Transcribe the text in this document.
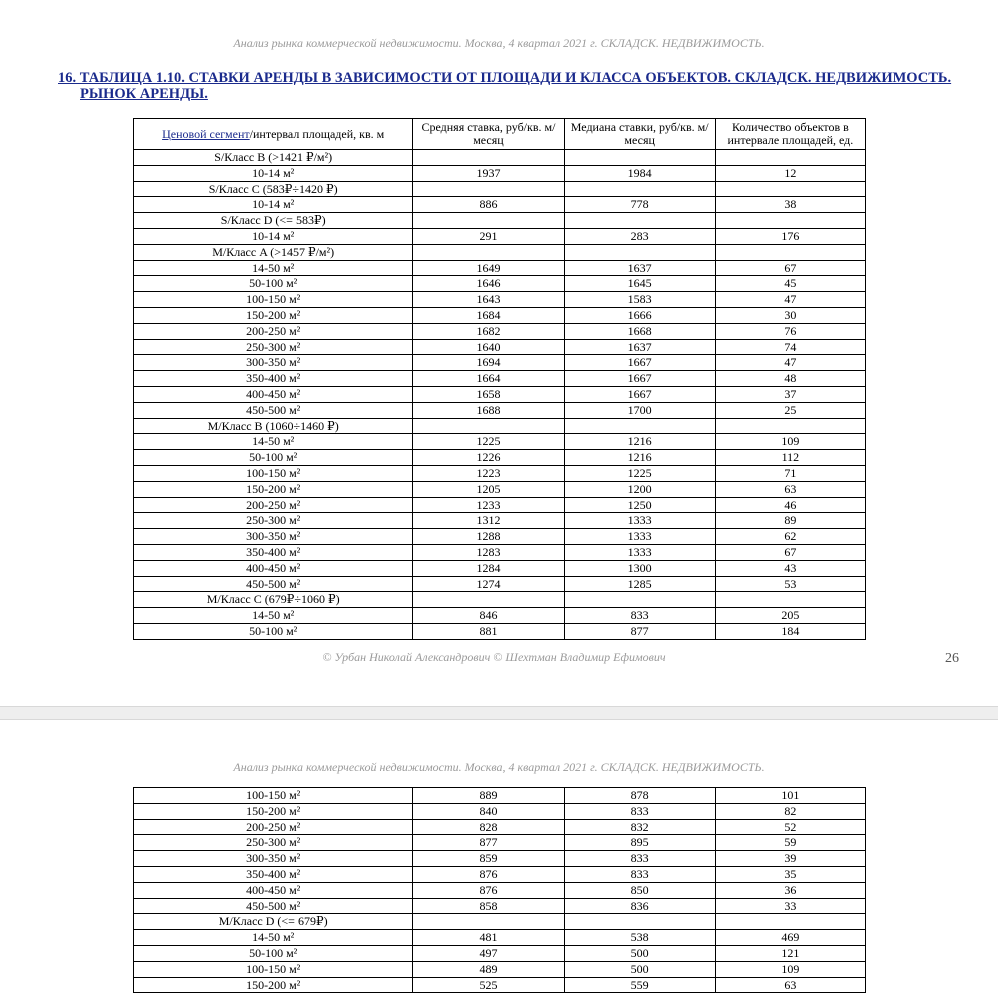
Анализ рынка коммерческой недвижимости. Москва, 4 квартал 2021 г. СКЛАДСК. НЕДВИЖИМОСТЬ.
16. ТАБЛИЦА 1.10. СТАВКИ АРЕНДЫ В ЗАВИСИМОСТИ ОТ ПЛОЩАДИ И КЛАССА ОБЪЕКТОВ. СКЛАДСК. НЕДВИЖИМОСТЬ.
РЫНОК АРЕНДЫ.
Ценовой сегмент/интервал площадей, кв. м	Средняя ставка, руб/кв. м/месяц	Медиана ставки, руб/кв. м/месяц	Количество объектов в интервале площадей, ед.
S/Класс B (>1421 ₽/м²)			
10-14 м²	1937	1984	12
S/Класс C (583₽÷1420 ₽)			
10-14 м²	886	778	38
S/Класс D (<= 583₽)			
10-14 м²	291	283	176
M/Класс A (>1457 ₽/м²)			
14-50 м²	1649	1637	67
50-100 м²	1646	1645	45
100-150 м²	1643	1583	47
150-200 м²	1684	1666	30
200-250 м²	1682	1668	76
250-300 м²	1640	1637	74
300-350 м²	1694	1667	47
350-400 м²	1664	1667	48
400-450 м²	1658	1667	37
450-500 м²	1688	1700	25
M/Класс B (1060÷1460 ₽)			
14-50 м²	1225	1216	109
50-100 м²	1226	1216	112
100-150 м²	1223	1225	71
150-200 м²	1205	1200	63
200-250 м²	1233	1250	46
250-300 м²	1312	1333	89
300-350 м²	1288	1333	62
350-400 м²	1283	1333	67
400-450 м²	1284	1300	43
450-500 м²	1274	1285	53
M/Класс C (679₽÷1060 ₽)			
14-50 м²	846	833	205
50-100 м²	881	877	184
© Урбан Николай Александрович © Шехтман Владимир Ефимович	26
Анализ рынка коммерческой недвижимости. Москва, 4 квартал 2021 г. СКЛАДСК. НЕДВИЖИМОСТЬ.
100-150 м²	889	878	101
150-200 м²	840	833	82
200-250 м²	828	832	52
250-300 м²	877	895	59
300-350 м²	859	833	39
350-400 м²	876	833	35
400-450 м²	876	850	36
450-500 м²	858	836	33
M/Класс D (<= 679₽)			
14-50 м²	481	538	469
50-100 м²	497	500	121
100-150 м²	489	500	109
150-200 м²	525	559	63
